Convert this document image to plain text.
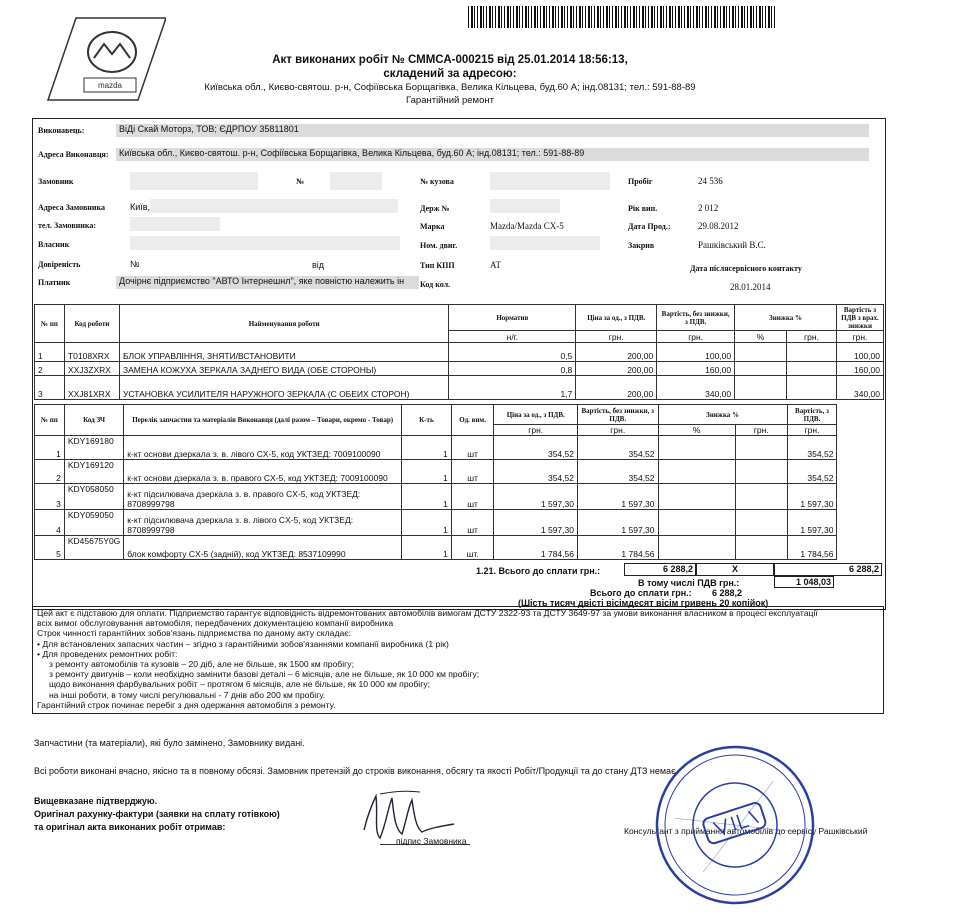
mazda
Акт виконаних робіт № СММСА-000215 від 25.01.2014 18:56:13,
складений за адресою:
Київська обл., Києво-святош. р-н, Софіївська Борщагівка, Велика Кільцева, буд.60 А; інд.08131; тел.: 591-88-89
Гарантійний ремонт
Виконавець:	ВіДі Скай Моторз, ТОВ; ЄДРПОУ 35811801
Адреса Виконавця:	Київська обл., Києво-святош. р-н, Софіївська Борщагівка, Велика Кільцева, буд.60 А; інд.08131; тел.: 591-88-89
Замовник	№	№ кузова	Пробіг	24 536
Адреса Замовника	Київ,	Держ №	Рік вип.	2 012
тел. Замовника:	Марка	Mazda/Mazda CX-5	Дата Прод.:	29.08.2012
Власник	Ном. двиг.	Закрив	Рашківський В.С.
Довіреність	№	від	Тип КПП	AT	Дата післясервісного контакту
28.01.2014
Платник	Дочірнє підприємство "АВТО Інтернешнл", яке повністю належить ін	Код кол.
№ пп	Код роботи	Найменування роботи	Норматив	Ціна за од., з ПДВ.	Вартість, без знижки, з ПДВ.	Знижка %		Вартість з ПДВ з врах. знижки
			н/г.	грн.	грн.	%	грн.	грн.
1	T0108XRX	БЛОК УПРАВЛІННЯ, ЗНЯТИ/ВСТАНОВИТИ	0,5	200,00	100,00			100,00
2	XXJ3ZXRX	ЗАМЕНА КОЖУХА ЗЕРКАЛА ЗАДНЕГО ВИДА (ОБЕ СТОРОНЫ)	0,8	200,00	160,00			160,00
3	XXJ81XRX	УСТАНОВКА УСИЛИТЕЛЯ НАРУЖНОГО ЗЕРКАЛА (С ОБЕИХ СТОРОН)	1,7	200,00	340,00			340,00
№ пп	Код ЗЧ	Перелік запчастин та матеріалів Виконавця (далі разом – Товари, окремо - Товар)	К-ть	Од. вим.	Ціна за од., з ПДВ.	Вартість, без знижки, з ПДВ.	Знижка %		Вартість, з ПДВ.
					грн.	грн.	%	грн.	грн.
1	KDY169180	к-кт основи дзеркала з. в. лівого CX-5, код УКТЗЕД: 7009100090	1	шт	354,52	354,52			354,52
2	KDY169120	к-кт основи дзеркала з. в. правого CX-5, код УКТЗЕД: 7009100090	1	шт	354,52	354,52			354,52
3	KDY058050	к-кт підсилювача дзеркала з. в. правого CX-5, код УКТЗЕД: 8708999798	1	шт	1 597,30	1 597,30			1 597,30
4	KDY059050	к-кт підсилювача дзеркала з. в. лівого CX-5, код УКТЗЕД: 8708999798	1	шт	1 597,30	1 597,30			1 597,30
5	KD45675Y0G	блок комфорту CX-5 (задній), код УКТЗЕД: 8537109990	1	шт.	1 784,56	1 784,56			1 784,56
1.21. Всього до сплати грн.:	6 288,2	X	6 288,2
В тому числі ПДВ грн.:	1 048,03
Всього до сплати грн.: 6 288,2
(Шість тисяч двісті вісімдесят вісім гривень 20 копійок)
Цей акт є підставою для оплати. Підприємство гарантує відповідність відремонтованих автомобілів вимогам ДСТУ 2322-93 та ДСТУ 3649-97 за умови виконання власником в процесі експлуатації
всіх вимог обслуговування автомобіля, передбачених документацією компанії виробника
Строк чинності гарантійних зобов'язань підприємства по даному акту складає:
• Для встановлених запасних частин – згідно з гарантійними зобов'язаннями компанії виробника (1 рік)
• Для проведених ремонтних робіт:
з ремонту автомобілів та кузовів – 20 діб, але не більше, як 1500 км пробігу;
з ремонту двигунів – коли необхідно замінити базові деталі – 6 місяців, але не більше, як 10 000 км пробігу;
щодо виконання фарбувальних робіт – протягом 6 місяців, але не більше, як 10 000 км пробігу;
на інші роботи, в тому числі регулювальні - 7 днів або 200 км пробігу.
Гарантійний строк починає перебіг з дня одержання автомобіля з ремонту.
Запчастини (та матеріали), які було замінено, Замовнику видані.
Всі роботи виконані вчасно, якісно та в повному обсязі. Замовник претензій до строків виконання, обсягу та якості Робіт/Продукції та до стану ДТЗ немає.
Вищевказане підтверджую.
Оригінал рахунку-фактури (заявки на сплату готівкою)
та оригінал акта виконаних робіт отримав:
підпис Замовника
Консультант з приймання автомобілів до сервісу Рашківський
